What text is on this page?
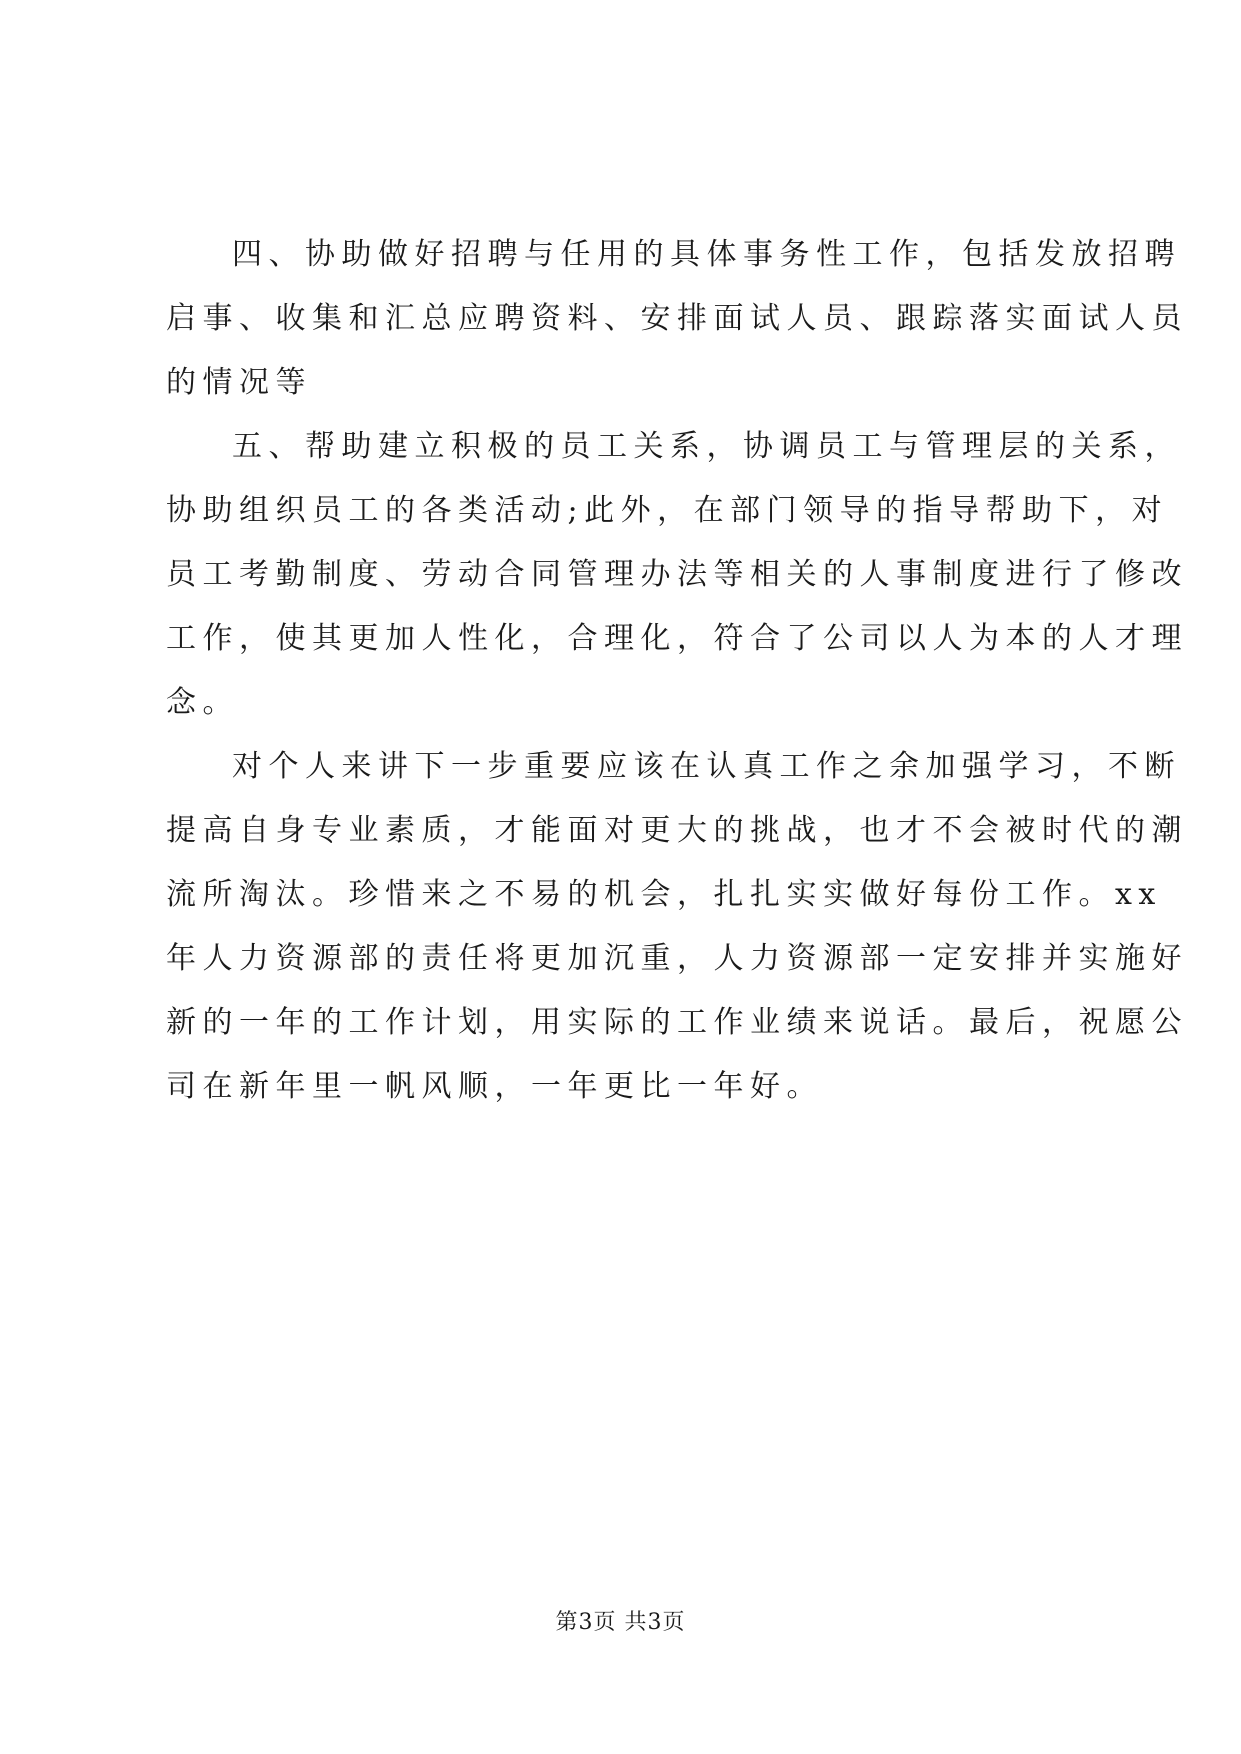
四、协助做好招聘与任用的具体事务性工作，包括发放招聘
启事、收集和汇总应聘资料、安排面试人员、跟踪落实面试人员
的情况等
五、帮助建立积极的员工关系，协调员工与管理层的关系，
协助组织员工的各类活动;此外，在部门领导的指导帮助下，对
员工考勤制度、劳动合同管理办法等相关的人事制度进行了修改
工作，使其更加人性化，合理化，符合了公司以人为本的人才理
念。
对个人来讲下一步重要应该在认真工作之余加强学习，不断
提高自身专业素质，才能面对更大的挑战，也才不会被时代的潮
流所淘汰。珍惜来之不易的机会，扎扎实实做好每份工作。xx
年人力资源部的责任将更加沉重，人力资源部一定安排并实施好
新的一年的工作计划，用实际的工作业绩来说话。最后，祝愿公
司在新年里一帆风顺，一年更比一年好。
第3页 共3页
